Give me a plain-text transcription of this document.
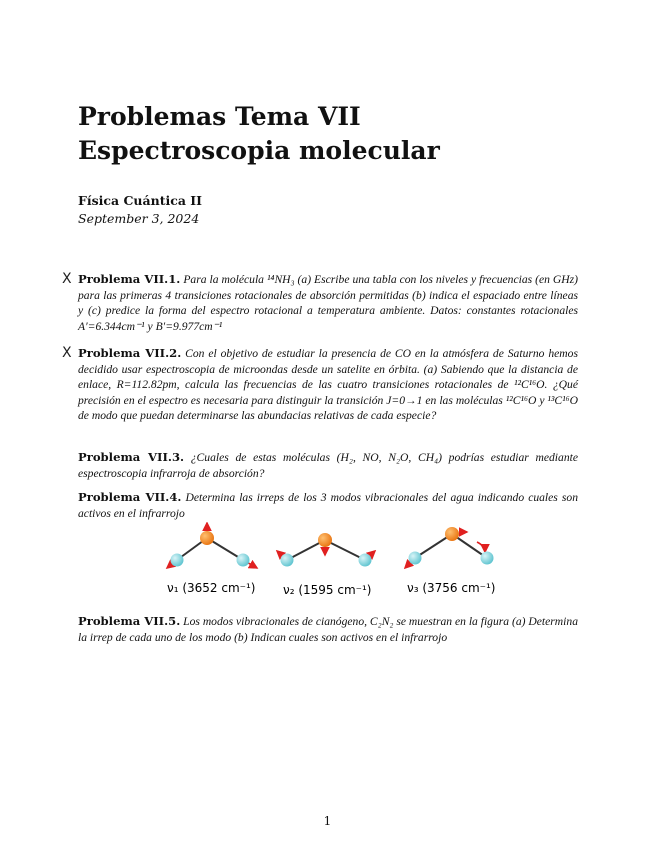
Problemas Tema VII
Espectroscopia molecular
Física Cuántica II
September 3, 2024
X Problema VII.1. Para la molécula ¹⁴NH₃ (a) Escribe una tabla con los niveles y frecuencias (en GHz) para las primeras 4 transiciones rotacionales de absorción permitidas (b) indica el espaciado entre líneas y (c) predice la forma del espectro rotacional a temperatura ambiente. Datos: constantes rotacionales A′=6.344cm⁻¹ y B′=9.977cm⁻¹
X Problema VII.2. Con el objetivo de estudiar la presencia de CO en la atmósfera de Saturno hemos decidido usar espectroscopia de microondas desde un satelite en órbita. (a) Sabiendo que la distancia de enlace, R=112.82pm, calcula las frecuencias de las cuatro transiciones rotacionales de ¹²C¹⁶O. ¿Qué precisión en el espectro es necesaria para distinguir la transición J=0→1 en las moléculas ¹²C¹⁶O y ¹³C¹⁶O de modo que puedan determinarse las abundacias relativas de cada especie?
Problema VII.3. ¿Cuales de estas moléculas (H₂, NO, N₂O, CH₄) podrías estudiar mediante espectroscopia infrarroja de absorción?
Problema VII.4. Determina las irreps de los 3 modos vibracionales del agua indicando cuales son activos en el infrarrojo
ν₁ (3652 cm⁻¹) ν₂ (1595 cm⁻¹)	ν₃ (3756 cm⁻¹)
Problema VII.5. Los modos vibracionales de cianógeno, C₂N₂ se muestran en la figura (a) Determina la irrep de cada uno de los modo (b) Indican cuales son activos en el infrarrojo
1
